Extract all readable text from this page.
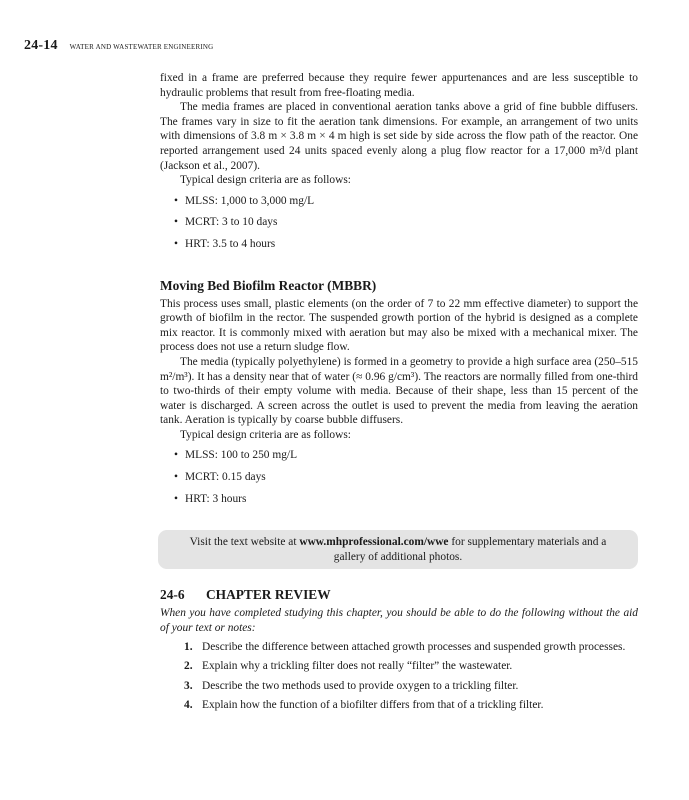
24-14 WATER AND WASTEWATER ENGINEERING

fixed in a frame are preferred because they require fewer appurtenances and are less susceptible to hydraulic problems that result from free-floating media.

The media frames are placed in conventional aeration tanks above a grid of fine bubble diffusers. The frames vary in size to fit the aeration tank dimensions. For example, an arrangement of two units with dimensions of 3.8 m × 3.8 m × 4 m high is set side by side across the flow path of the reactor. One reported arrangement used 24 units spaced evenly along a plug flow reactor for a 17,000 m³/d plant (Jackson et al., 2007).

Typical design criteria are as follows:

• MLSS: 1,000 to 3,000 mg/L
• MCRT: 3 to 10 days
• HRT: 3.5 to 4 hours
Moving Bed Biofilm Reactor (MBBR)

This process uses small, plastic elements (on the order of 7 to 22 mm effective diameter) to support the growth of biofilm in the rector. The suspended growth portion of the hybrid is designed as a complete mix reactor. It is commonly mixed with aeration but may also be mixed with a mechanical mixer. The process does not use a return sludge flow.

The media (typically polyethylene) is formed in a geometry to provide a high surface area (250–515 m²/m³). It has a density near that of water (≈ 0.96 g/cm³). The reactors are normally filled from one-third to two-thirds of their empty volume with media. Because of their shape, less than 15 percent of the water is discharged. A screen across the outlet is used to prevent the media from leaving the aeration tank. Aeration is typically by coarse bubble diffusers.

Typical design criteria are as follows:

• MLSS: 100 to 250 mg/L
• MCRT: 0.15 days
• HRT: 3 hours
Visit the text website at www.mhprofessional.com/wwe for supplementary materials and a gallery of additional photos.
24-6 CHAPTER REVIEW

When you have completed studying this chapter, you should be able to do the following without the aid of your text or notes:

1. Describe the difference between attached growth processes and suspended growth processes.
2. Explain why a trickling filter does not really “filter” the wastewater.
3. Describe the two methods used to provide oxygen to a trickling filter.
4. Explain how the function of a biofilter differs from that of a trickling filter.
